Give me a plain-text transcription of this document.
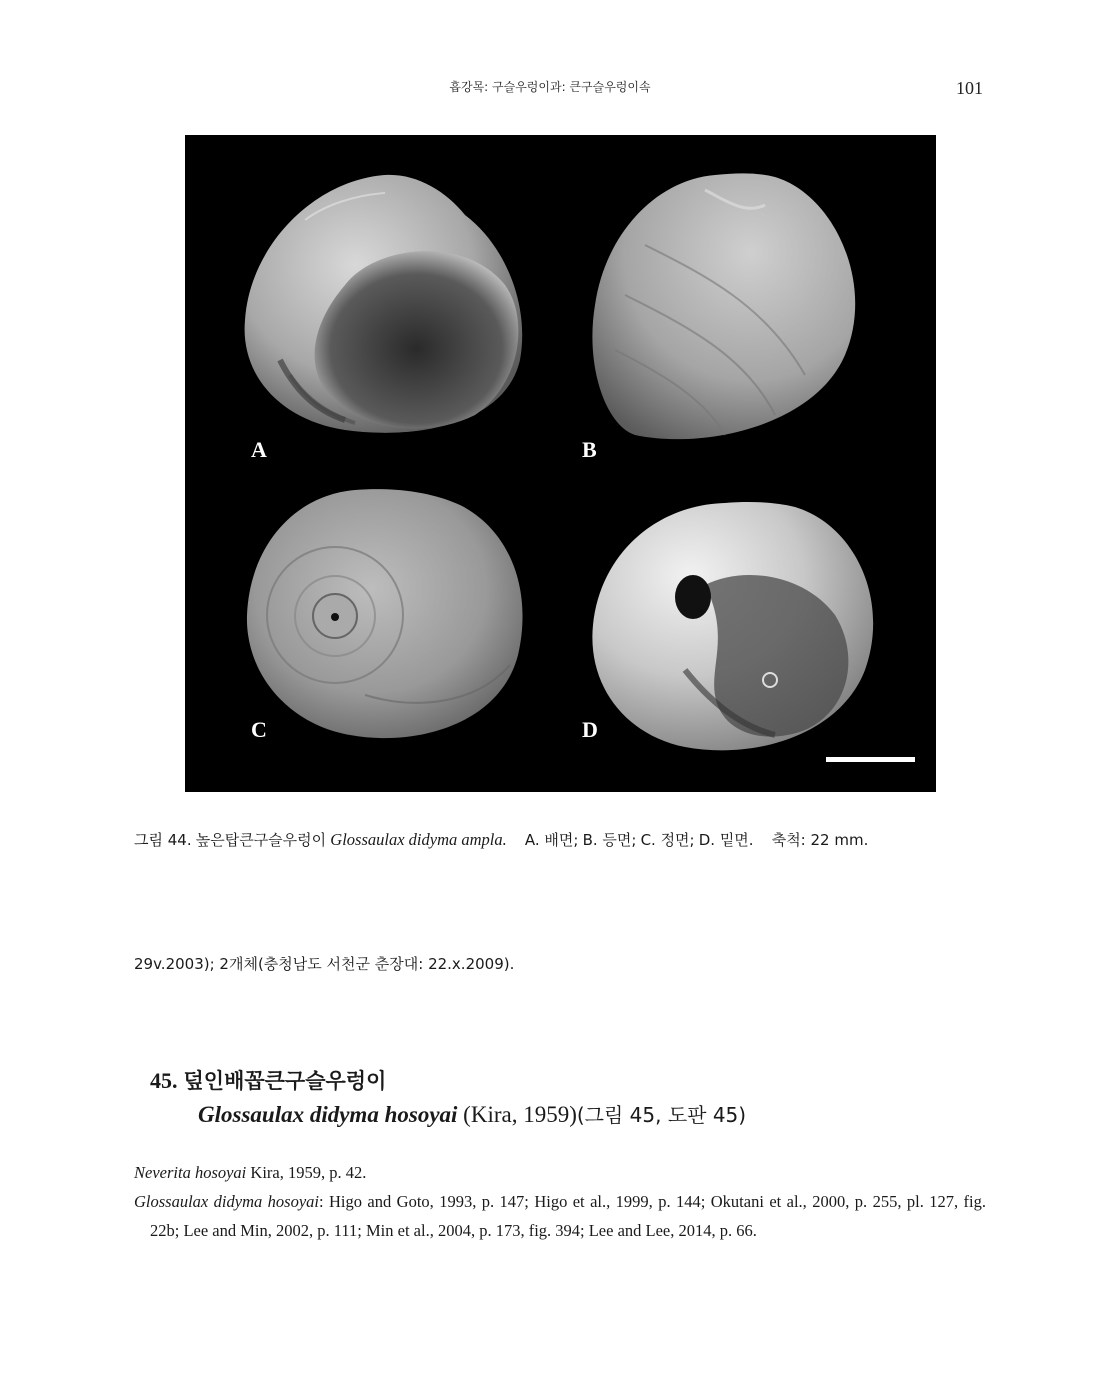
흡강목: 구슬우렁이과: 큰구슬우렁이속	101
A	B
C	D
그림 44. 높은탑큰구슬우렁이 Glossaulax didyma ampla. A. 배면; B. 등면; C. 정면; D. 밑면. 축척: 22 mm.
29v.2003); 2개체(충청남도 서천군 춘장대: 22.x.2009).
45. 덮인배꼽큰구슬우렁이
Glossaulax didyma hosoyai (Kira, 1959)(그림 45, 도판 45)
Neverita hosoyai Kira, 1959, p. 42.
Glossaulax didyma hosoyai: Higo and Goto, 1993, p. 147; Higo et al., 1999, p. 144; Okutani et al., 2000, p. 255, pl. 127, fig. 22b; Lee and Min, 2002, p. 111; Min et al., 2004, p. 173, fig. 394; Lee and Lee, 2014, p. 66.
